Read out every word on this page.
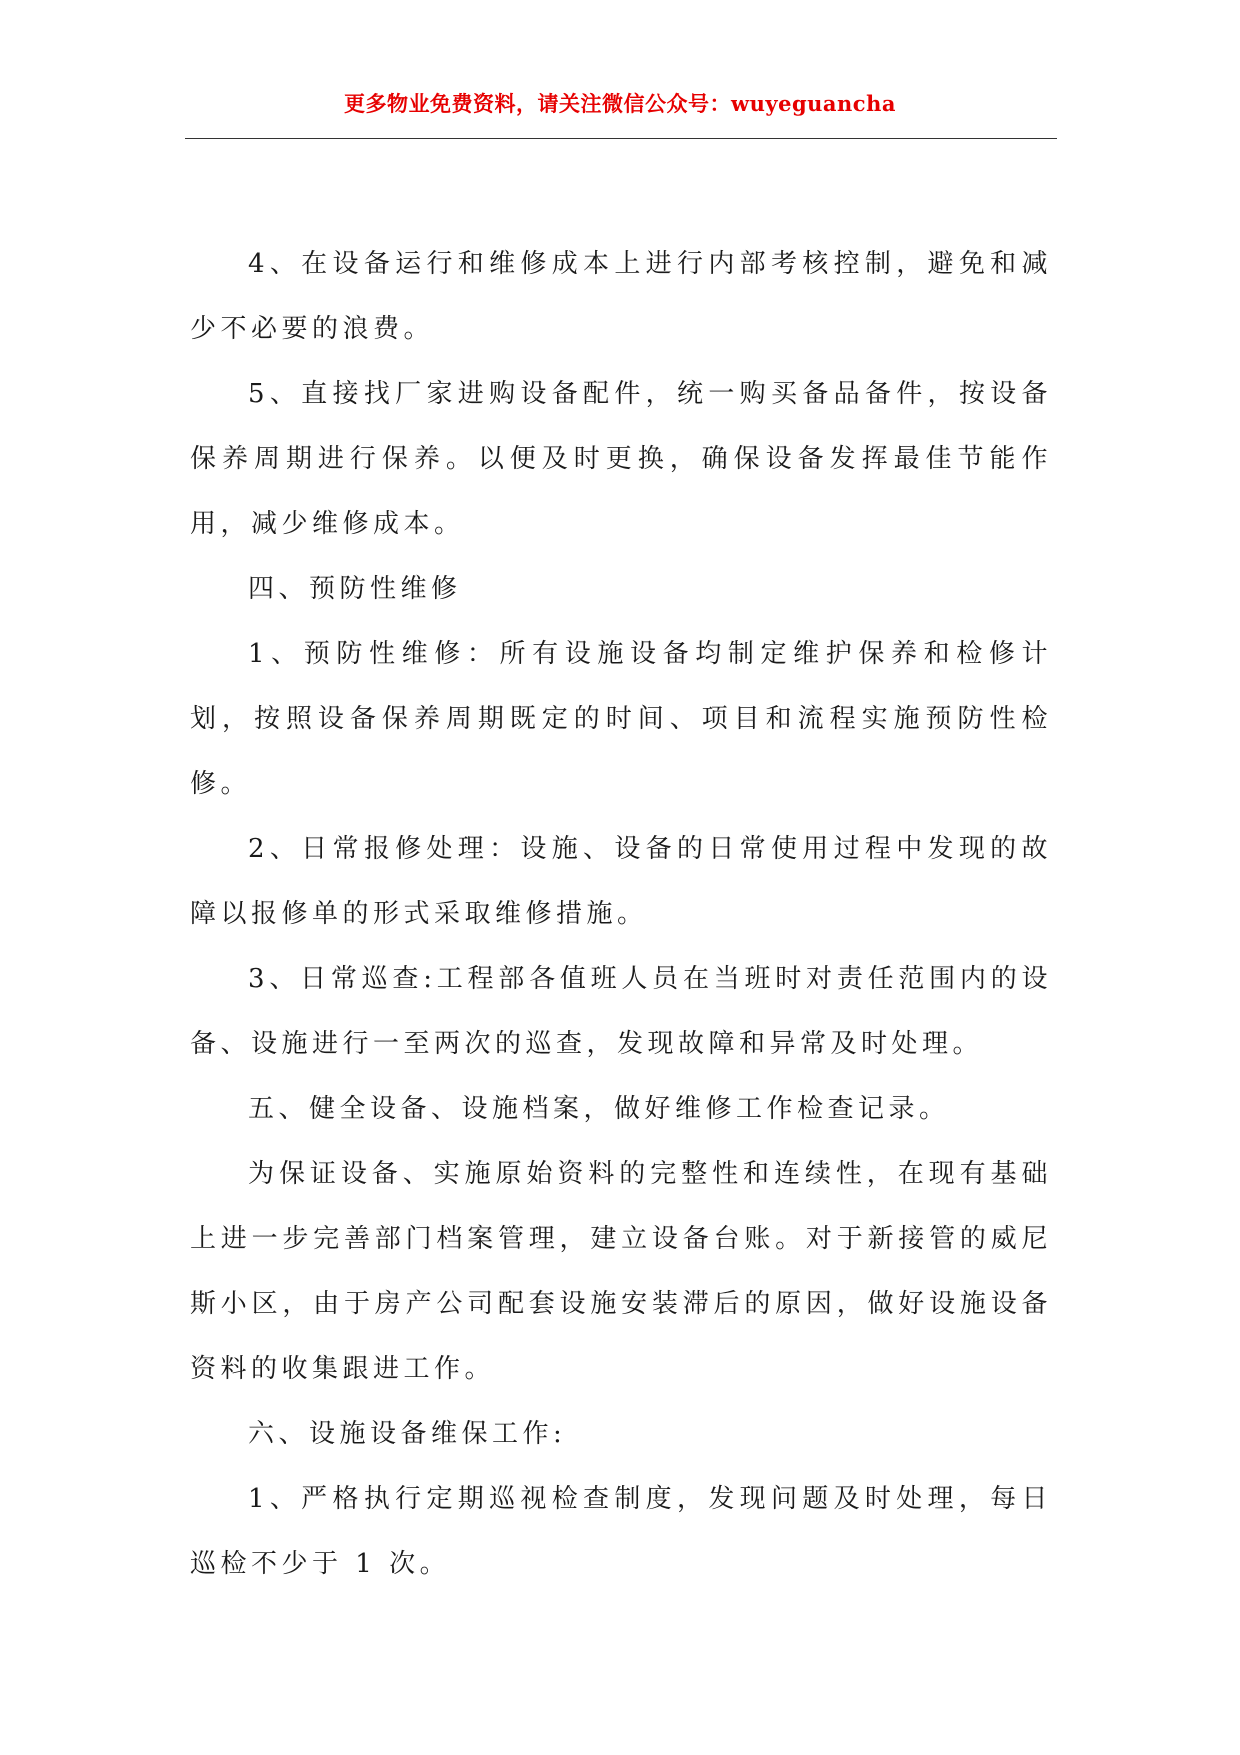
更多物业免费资料，请关注微信公众号：wuyeguancha

4、在设备运行和维修成本上进行内部考核控制，避免和减少不必要的浪费。

5、直接找厂家进购设备配件，统一购买备品备件，按设备保养周期进行保养。以便及时更换，确保设备发挥最佳节能作用，减少维修成本。

四、预防性维修

1、预防性维修：所有设施设备均制定维护保养和检修计划，按照设备保养周期既定的时间、项目和流程实施预防性检修。

2、日常报修处理：设施、设备的日常使用过程中发现的故障以报修单的形式采取维修措施。

3、日常巡查:工程部各值班人员在当班时对责任范围内的设备、设施进行一至两次的巡查，发现故障和异常及时处理。

五、健全设备、设施档案，做好维修工作检查记录。

为保证设备、实施原始资料的完整性和连续性，在现有基础上进一步完善部门档案管理，建立设备台账。对于新接管的威尼斯小区，由于房产公司配套设施安装滞后的原因，做好设施设备资料的收集跟进工作。

六、设施设备维保工作:

1、严格执行定期巡视检查制度，发现问题及时处理，每日巡检不少于 1 次。
